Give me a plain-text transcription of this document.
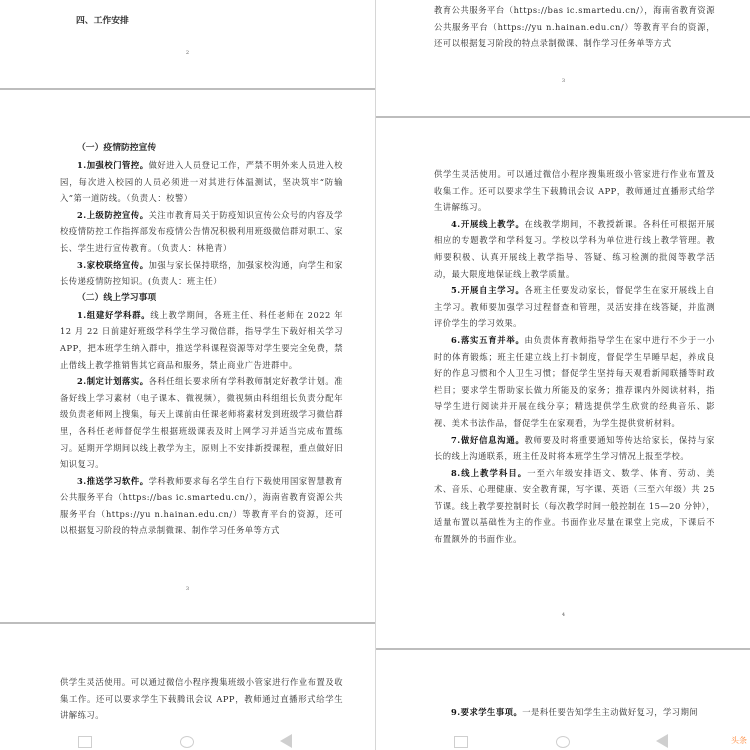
四、工作安排
2
（一）疫情防控宣传

1.加强校门管控。做好进入人员登记工作，严禁不明外来人员进入校园，每次进入校园的人员必须进一对其进行体温测试，坚决筑牢“防输入”第一道防线。（负责人：校警）

2.上级防控宣传。关注市教育局关于防疫知识宣传公众号的内容及学校疫情防控工作指挥部发布疫情公告情况积极利用班级微信群对职工、家长、学生进行宣传教育。（负责人：林艳青）

3.家校联络宣传。加强与家长保持联络，加强家校沟通，向学生和家长传递疫情防控知识。(负责人：班主任）

（二）线上学习事项

1.组建好学科群。线上教学期间，各班主任、科任老师在 2022 年 12 月 22 日前建好班级学科学生学习微信群，指导学生下载好相关学习 APP，把本班学生纳入群中，推送学科课程资源等对学生要完全免费，禁止借线上教学推销售其它商品和服务，禁止商业广告进群中。

2.制定计划落实。各科任组长要求所有学科教师制定好教学计划。准备好线上学习素材（电子课本、微视频），微视频由科组组长负责分配年级负责老师网上搜集，每天上课前由任课老师将素材发到班级学习微信群里，各科任老师督促学生根据班级课表及时上网学习并适当完成布置练习。延期开学期间以线上教学为主，原则上不安排新授课程，重点做好旧知识复习。

3.推送学习软件。学科教师要求每名学生自行下载使用国家智慧教育公共服务平台（https://bas ic.smartedu.cn/），海南省教育资源公共服务平台（https://yu n.hainan.edu.cn/）等教育平台的资源，还可以根据复习阶段的特点录制微课、制作学习任务单等方式

3

供学生灵活使用。可以通过微信小程序搜集班级小管家进行作业布置及收集工作。还可以要求学生下载腾讯会议 APP，教师通过直播形式给学生讲解练习。

教育公共服务平台（https://bas ic.smartedu.cn/），海南省教育资源公共服务平台（https://yu n.hainan.edu.cn/）等教育平台的资源，还可以根据复习阶段的特点录制微课、制作学习任务单等方式

3

供学生灵活使用。可以通过微信小程序搜集班级小管家进行作业布置及收集工作。还可以要求学生下载腾讯会议 APP，教师通过直播形式给学生讲解练习。

4.开展线上教学。在线教学期间，不教授新课。各科任可根据开展相应的专题教学和学科复习。学校以学科为单位进行线上教学管理。教师要积极、认真开展线上教学指导、答疑、练习检测的批阅等教学活动，最大限度地保证线上教学质量。

5.开展自主学习。各班主任要发动家长，督促学生在家开展线上自主学习。教师要加强学习过程督查和管理，灵活安排在线答疑，并监测评价学生的学习效果。

6.落实五育并举。由负责体育教师指导学生在家中进行不少于一小时的体育锻炼；班主任建立线上打卡制度，督促学生早睡早起，养成良好的作息习惯和个人卫生习惯；督促学生坚持每天观看新闻联播等时政栏目；要求学生帮助家长做力所能及的家务；推荐课内外阅读材料，指导学生进行阅读并开展在线分享；精选提供学生欣赏的经典音乐、影视、美术书法作品，督促学生在家观看，为学生提供赏析材料。

7.做好信息沟通。教师要及时将重要通知等传达给家长，保持与家长的线上沟通联系，班主任及时将本班学生学习情况上报至学校。

8.线上教学科目。一至六年级安排语文、数学、体育、劳动、美术、音乐、心理健康、安全教育课，写字课、英语（三至六年级）共 25 节课。线上教学要控制时长（每次教学时间一般控制在 15—20 分钟），适量布置以基础性为主的作业。书面作业尽量在课堂上完成，下课后不布置额外的书面作业。

4

9.要求学生事项。一是科任要告知学生主动做好复习，学习期间

头条
